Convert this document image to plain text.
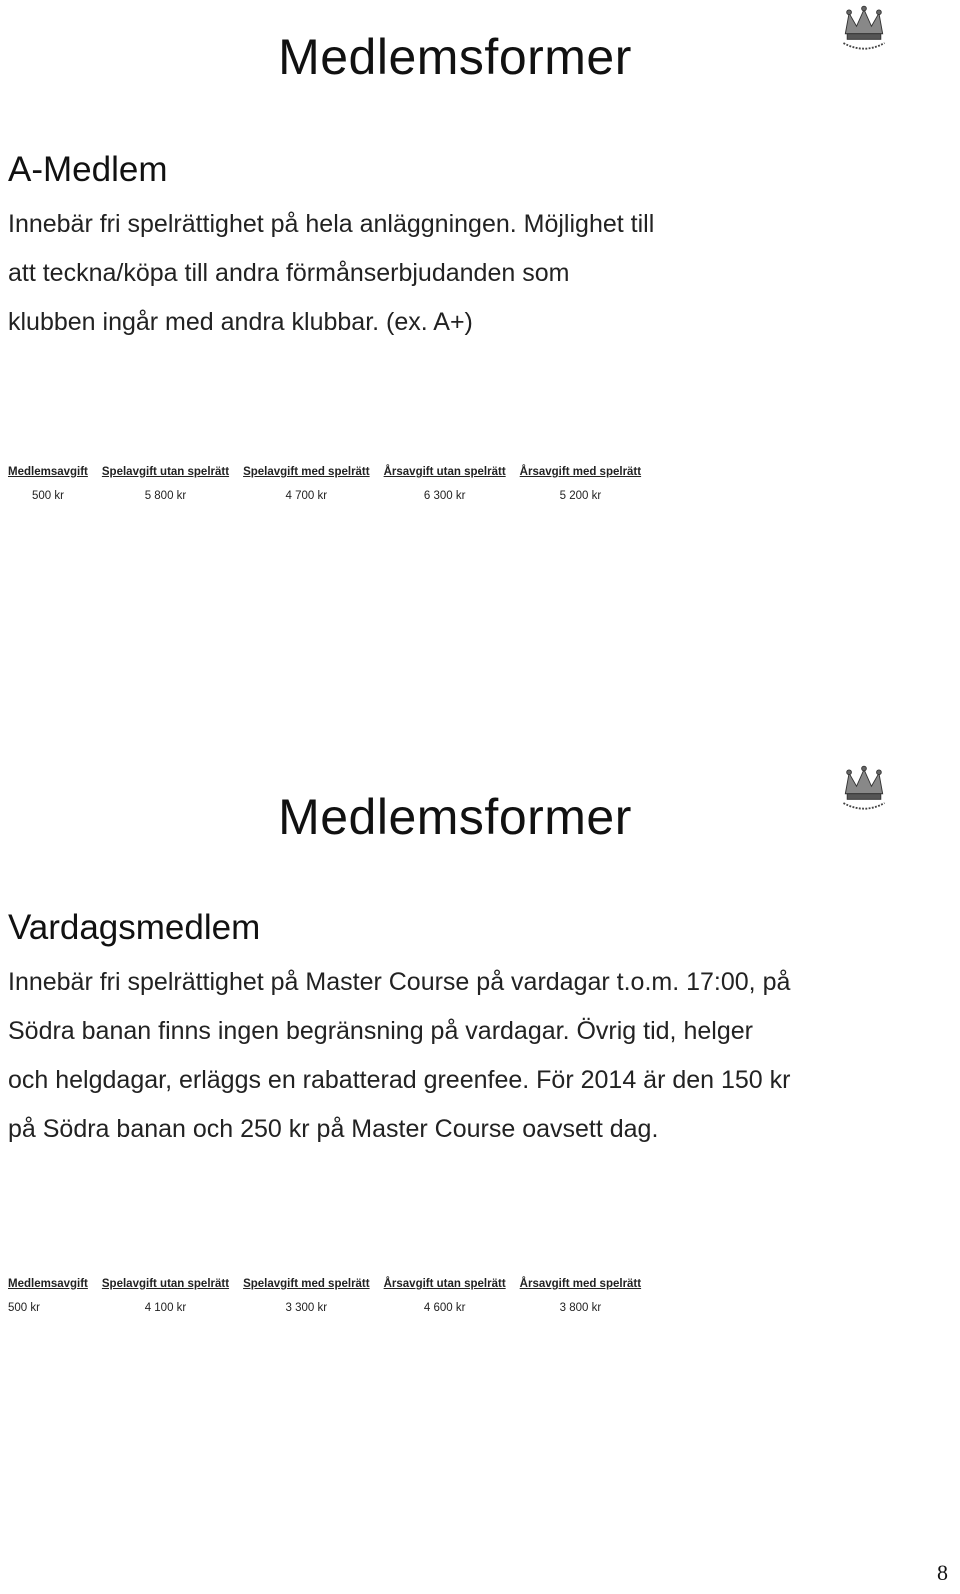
Medlemsformer
A-Medlem

Innebär fri spelrättighet på hela anläggningen. Möjlighet till att teckna/köpa till andra förmånserbjudanden som klubben ingår med andra klubbar. (ex. A+)

Medlemsavgift	Spelavgift utan spelrätt	Spelavgift med spelrätt	Årsavgift utan spelrätt	Årsavgift med spelrätt
500 kr	5 800 kr	4 700 kr	6 300 kr	5 200 kr
Medlemsformer
Vardagsmedlem

Innebär fri spelrättighet på Master Course på vardagar t.o.m. 17:00, på Södra banan finns ingen begränsning på vardagar. Övrig tid, helger och helgdagar, erläggs en rabatterad greenfee. För 2014 är den 150 kr på Södra banan och 250 kr på Master Course oavsett dag.

Medlemsavgift	Spelavgift utan spelrätt	Spelavgift med spelrätt	Årsavgift utan spelrätt	Årsavgift med spelrätt
500 kr	4 100 kr	3 300 kr	4 600 kr	3 800 kr
8
